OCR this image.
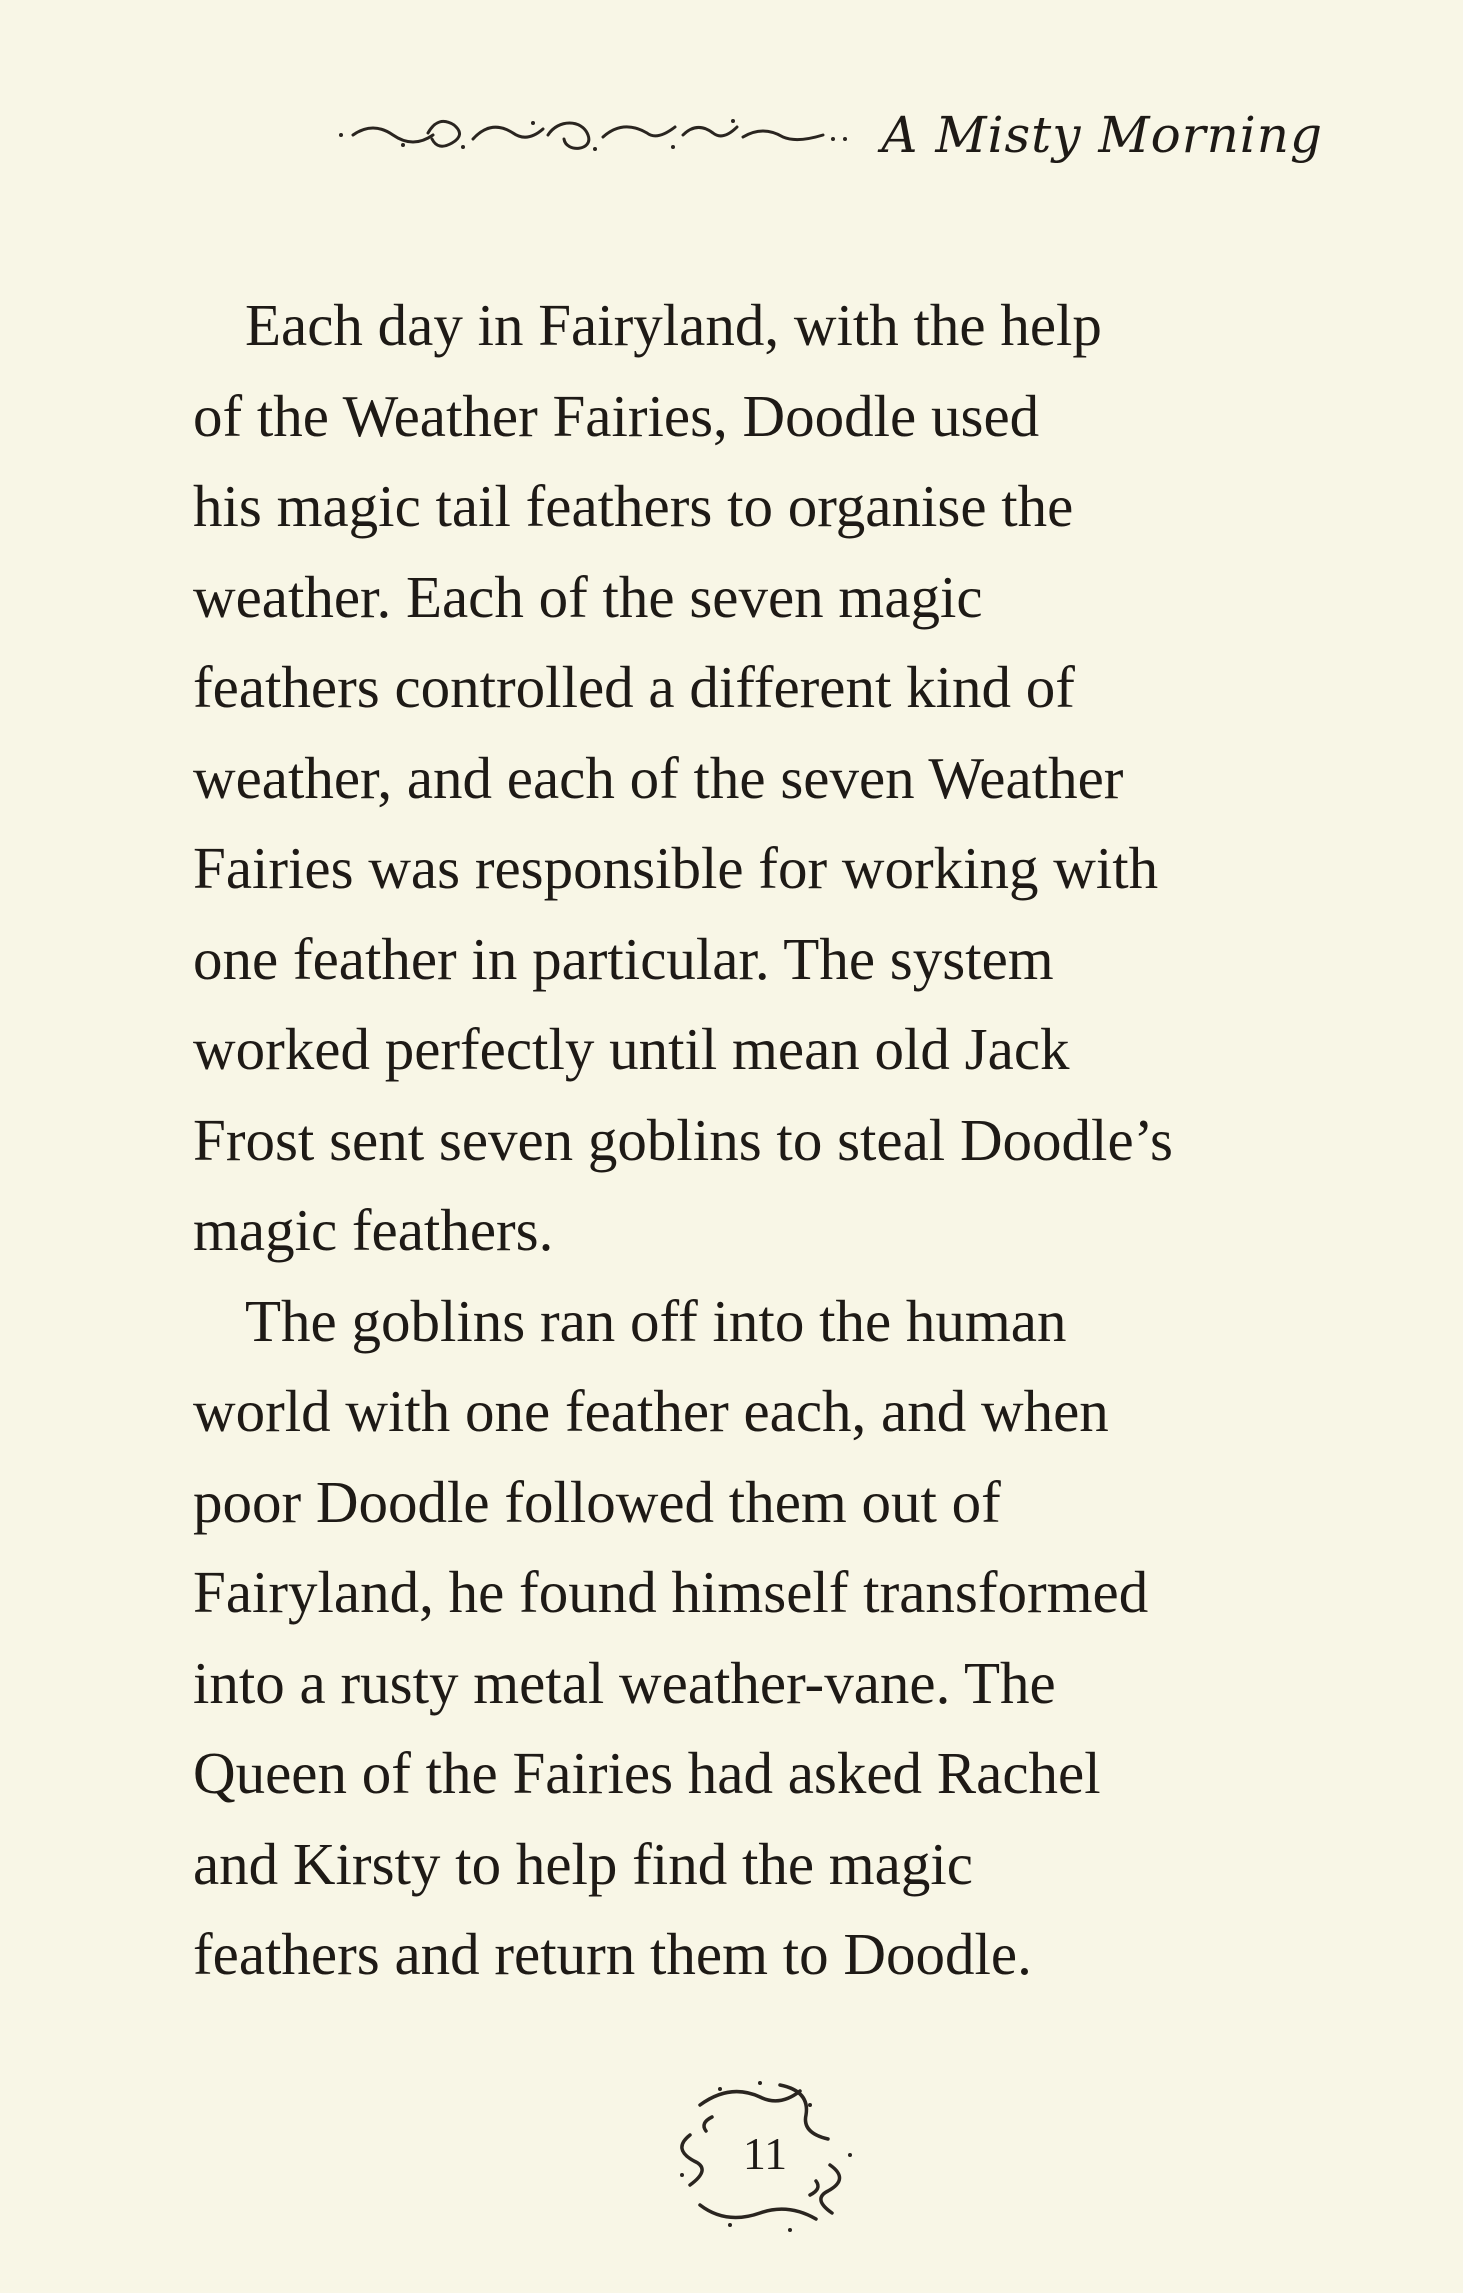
A Misty Morning

Each day in Fairyland, with the help
of the Weather Fairies, Doodle used
his magic tail feathers to organise the
weather. Each of the seven magic
feathers controlled a different kind of
weather, and each of the seven Weather
Fairies was responsible for working with
one feather in particular. The system
worked perfectly until mean old Jack
Frost sent seven goblins to steal Doodle’s
magic feathers.

The goblins ran off into the human
world with one feather each, and when
poor Doodle followed them out of
Fairyland, he found himself transformed
into a rusty metal weather-vane. The
Queen of the Fairies had asked Rachel
and Kirsty to help find the magic
feathers and return them to Doodle.

11
